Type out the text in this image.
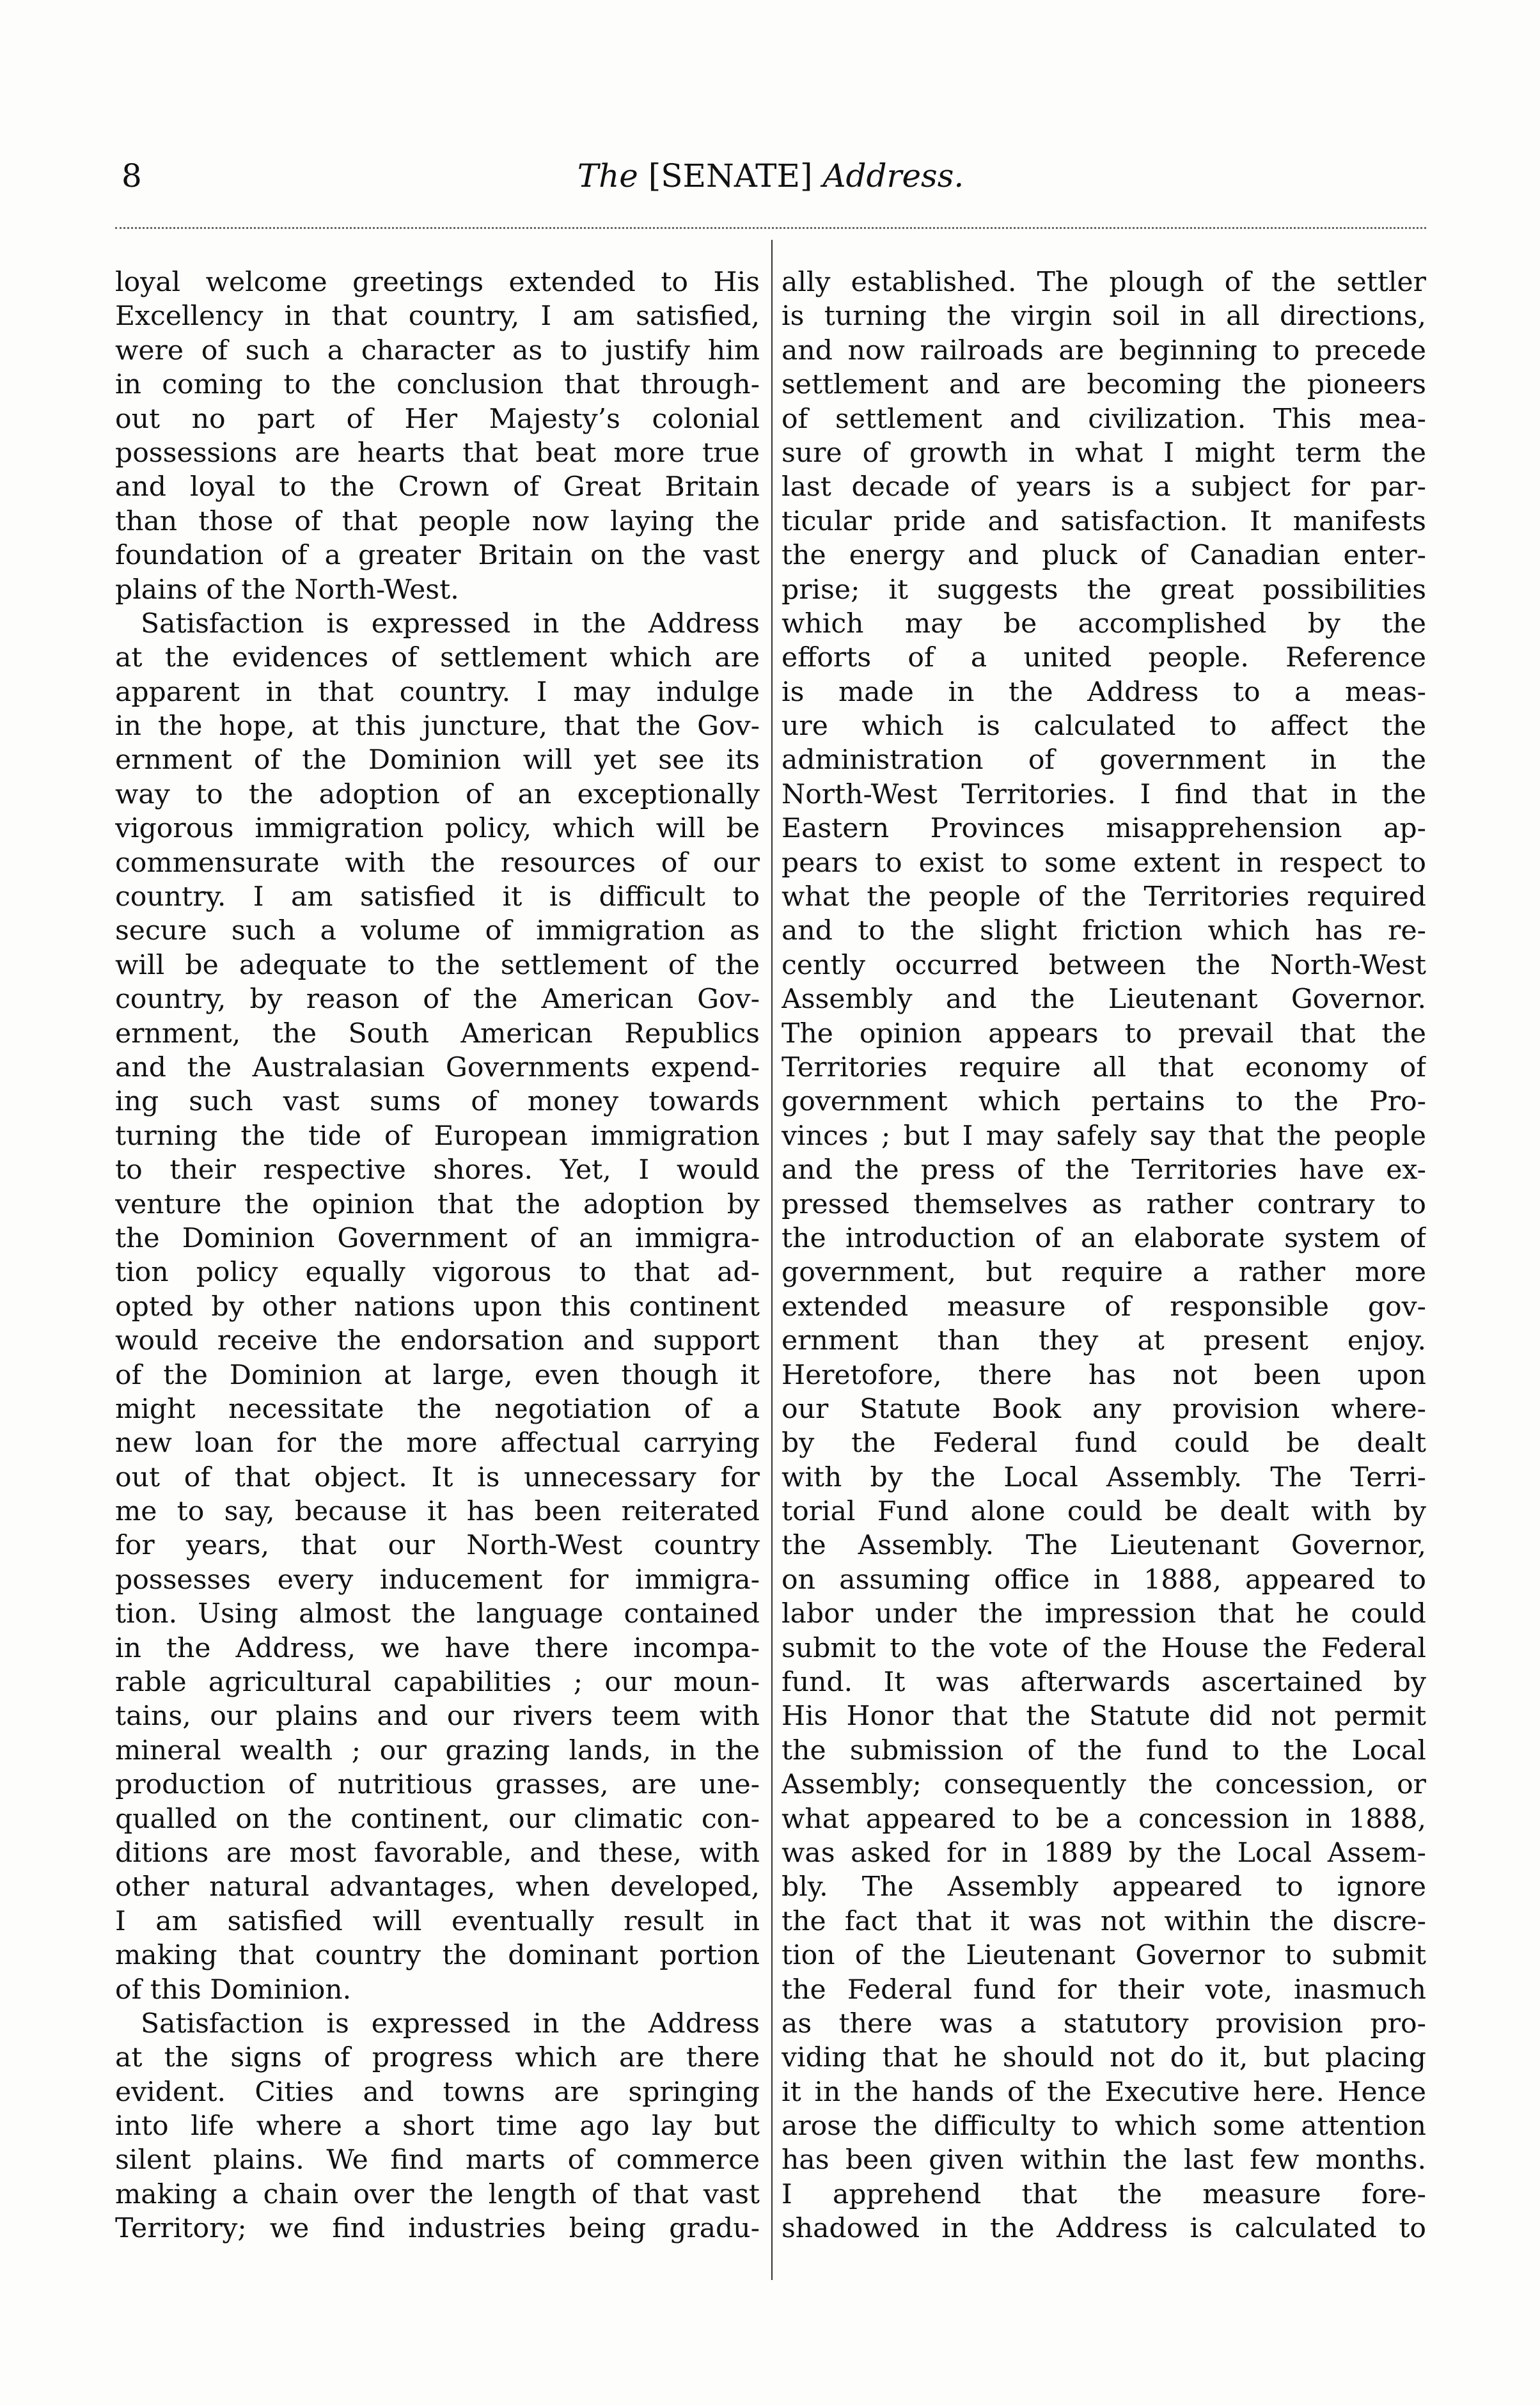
8	The [SENATE] Address.
loyal welcome greetings extended to His
Excellency in that country, I am satisfied,
were of such a character as to justify him
in coming to the conclusion that through-
out no part of Her Majesty’s colonial
possessions are hearts that beat more true
and loyal to the Crown of Great Britain
than those of that people now laying the
foundation of a greater Britain on the vast
plains of the North-West.
Satisfaction is expressed in the Address
at the evidences of settlement which are
apparent in that country. I may indulge
in the hope, at this juncture, that the Gov-
ernment of the Dominion will yet see its
way to the adoption of an exceptionally
vigorous immigration policy, which will be
commensurate with the resources of our
country. I am satisfied it is difficult to
secure such a volume of immigration as
will be adequate to the settlement of the
country, by reason of the American Gov-
ernment, the South American Republics
and the Australasian Governments expend-
ing such vast sums of money towards
turning the tide of European immigration
to their respective shores. Yet, I would
venture the opinion that the adoption by
the Dominion Government of an immigra-
tion policy equally vigorous to that ad-
opted by other nations upon this continent
would receive the endorsation and support
of the Dominion at large, even though it
might necessitate the negotiation of a
new loan for the more affectual carrying
out of that object. It is unnecessary for
me to say, because it has been reiterated
for years, that our North-West country
possesses every inducement for immigra-
tion. Using almost the language contained
in the Address, we have there incompa-
rable agricultural capabilities ; our moun-
tains, our plains and our rivers teem with
mineral wealth ; our grazing lands, in the
production of nutritious grasses, are une-
qualled on the continent, our climatic con-
ditions are most favorable, and these, with
other natural advantages, when developed,
I am satisfied will eventually result in
making that country the dominant portion
of this Dominion.
Satisfaction is expressed in the Address
at the signs of progress which are there
evident. Cities and towns are springing
into life where a short time ago lay but
silent plains. We find marts of commerce
making a chain over the length of that vast
Territory; we find industries being gradu-
ally established. The plough of the settler
is turning the virgin soil in all directions,
and now railroads are beginning to precede
settlement and are becoming the pioneers
of settlement and civilization. This mea-
sure of growth in what I might term the
last decade of years is a subject for par-
ticular pride and satisfaction. It manifests
the energy and pluck of Canadian enter-
prise; it suggests the great possibilities
which may be accomplished by the
efforts of a united people. Reference
is made in the Address to a meas-
ure which is calculated to affect the
administration of government in the
North-West Territories. I find that in the
Eastern Provinces misapprehension ap-
pears to exist to some extent in respect to
what the people of the Territories required
and to the slight friction which has re-
cently occurred between the North-West
Assembly and the Lieutenant Governor.
The opinion appears to prevail that the
Territories require all that economy of
government which pertains to the Pro-
vinces ; but I may safely say that the people
and the press of the Territories have ex-
pressed themselves as rather contrary to
the introduction of an elaborate system of
government, but require a rather more
extended measure of responsible gov-
ernment than they at present enjoy.
Heretofore, there has not been upon
our Statute Book any provision where-
by the Federal fund could be dealt
with by the Local Assembly. The Terri-
torial Fund alone could be dealt with by
the Assembly. The Lieutenant Governor,
on assuming office in 1888, appeared to
labor under the impression that he could
submit to the vote of the House the Federal
fund. It was afterwards ascertained by
His Honor that the Statute did not permit
the submission of the fund to the Local
Assembly; consequently the concession, or
what appeared to be a concession in 1888,
was asked for in 1889 by the Local Assem-
bly. The Assembly appeared to ignore
the fact that it was not within the discre-
tion of the Lieutenant Governor to submit
the Federal fund for their vote, inasmuch
as there was a statutory provision pro-
viding that he should not do it, but placing
it in the hands of the Executive here. Hence
arose the difficulty to which some attention
has been given within the last few months.
I apprehend that the measure fore-
shadowed in the Address is calculated to
